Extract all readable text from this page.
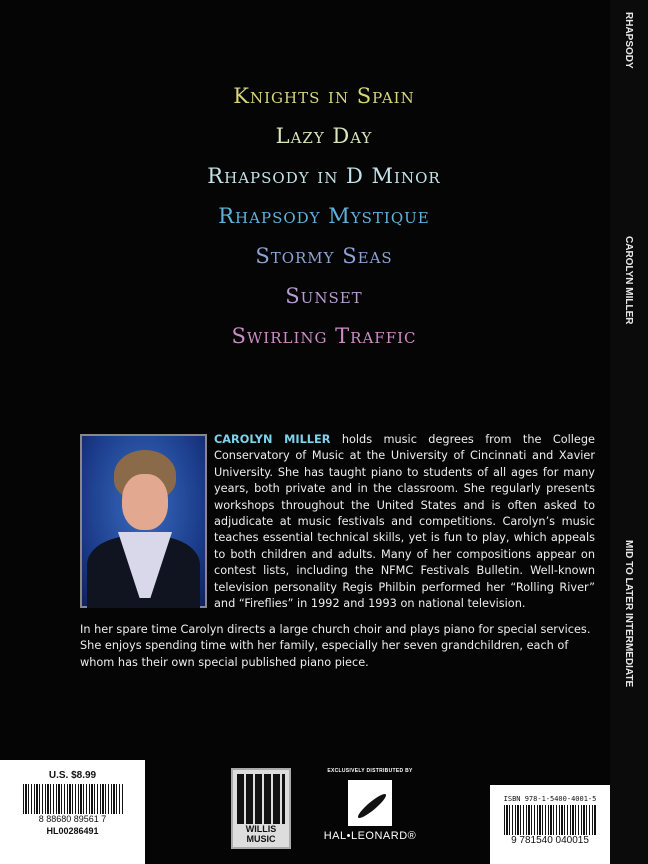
RHAPSODY
CAROLYN MILLER
MID TO LATER INTERMEDIATE
Knights in Spain
Lazy Day
Rhapsody in D Minor
Rhapsody Mystique
Stormy Seas
Sunset
Swirling Traffic
CAROLYN MILLER holds music degrees from the College Conservatory of Music at the University of Cincinnati and Xavier University. She has taught piano to students of all ages for many years, both private and in the classroom. She regularly presents workshops throughout the United States and is often asked to adjudicate at music festivals and competitions. Carolyn’s music teaches essential technical skills, yet is fun to play, which appeals to both children and adults. Many of her compositions appear on contest lists, including the NFMC Festivals Bulletin. Well-known television personality Regis Philbin performed her “Rolling River” and “Fireflies” in 1992 and 1993 on national television.
In her spare time Carolyn directs a large church choir and plays piano for special services. She enjoys spending time with her family, especially her seven grandchildren, each of whom has their own special published piano piece.
U.S. $8.99
8 88680 89561 7
HL00286491	WILLIS MUSIC
EXCLUSIVELY DISTRIBUTED BY
HAL•LEONARD®
ISBN 978-1-5400-4001-5
9 781540 040015
